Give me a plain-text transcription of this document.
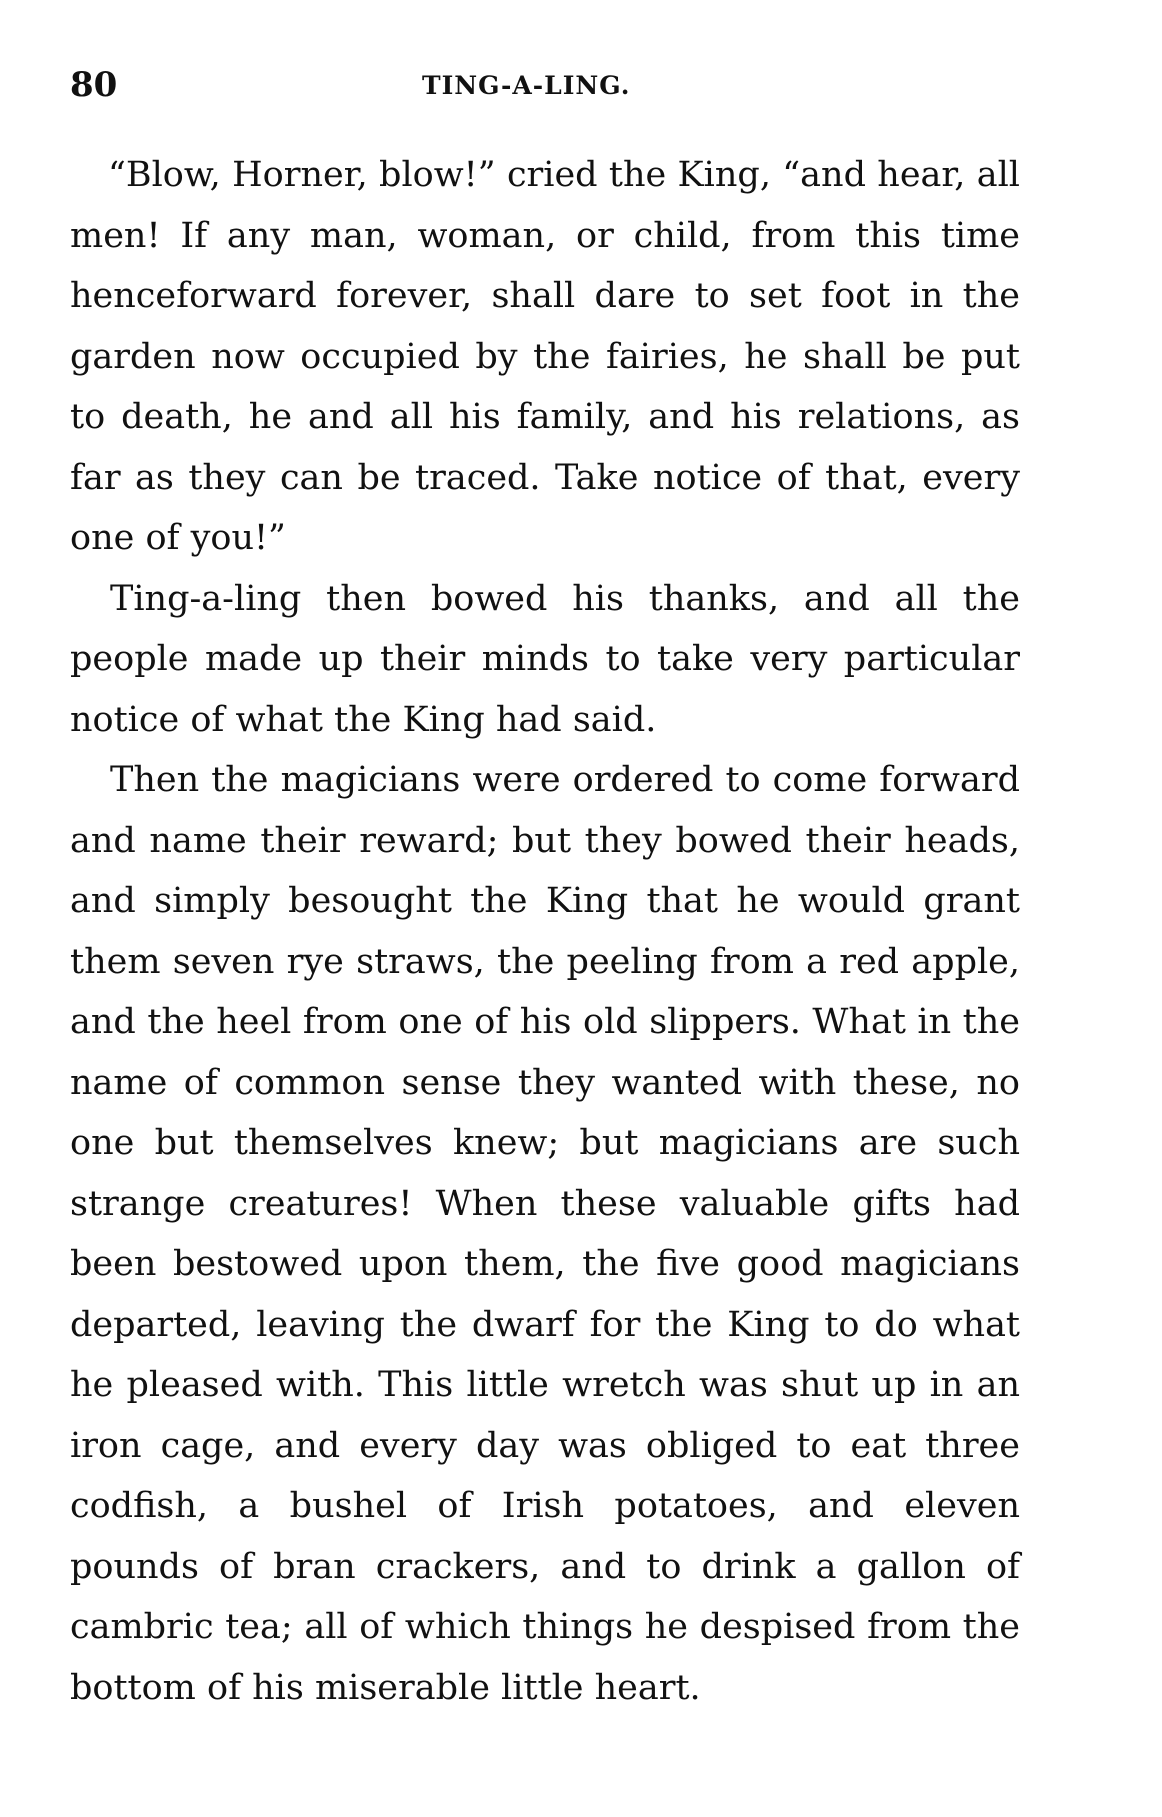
80	TING-A-LING.

“Blow, Horner, blow!” cried the King, “and hear, all men! If any man, woman, or child, from this time henceforward forever, shall dare to set foot in the garden now occupied by the fairies, he shall be put to death, he and all his family, and his relations, as far as they can be traced. Take notice of that, every one of you!”

Ting-a-ling then bowed his thanks, and all the people made up their minds to take very particular notice of what the King had said.

Then the magicians were ordered to come forward and name their reward; but they bowed their heads, and simply besought the King that he would grant them seven rye straws, the peeling from a red apple, and the heel from one of his old slippers. What in the name of common sense they wanted with these, no one but themselves knew; but magicians are such strange creatures! When these valuable gifts had been bestowed upon them, the five good magicians departed, leaving the dwarf for the King to do what he pleased with. This little wretch was shut up in an iron cage, and every day was obliged to eat three codfish, a bushel of Irish potatoes, and eleven pounds of bran crackers, and to drink a gallon of cambric tea; all of which things he despised from the bottom of his miserable little heart.
